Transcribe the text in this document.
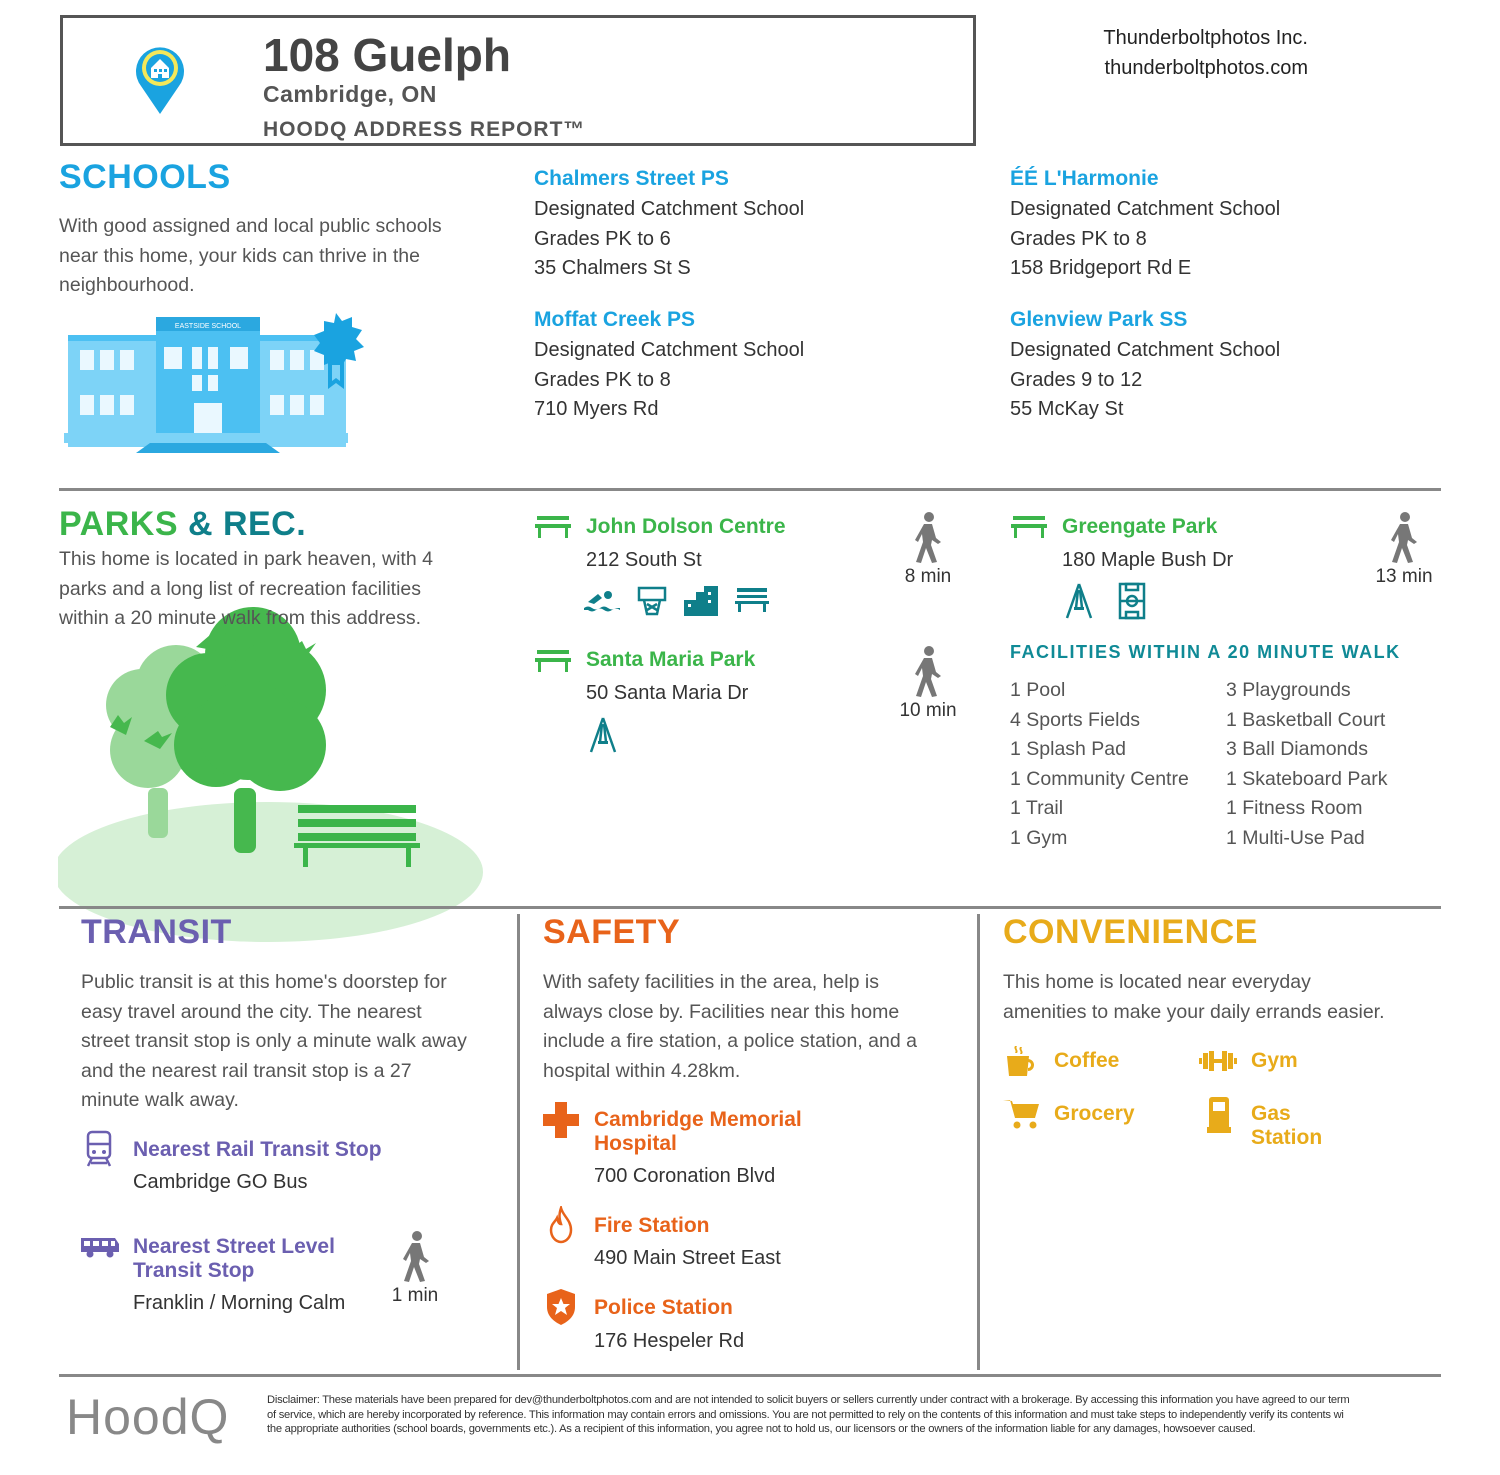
108 Guelph
Cambridge, ON
HOODQ ADDRESS REPORT™
Thunderboltphotos Inc.
thunderboltphotos.com
SCHOOLS
With good assigned and local public schools
near this home, your kids can thrive in the
neighbourhood.
EASTSIDE SCHOOL
Chalmers Street PS
Designated Catchment School
Grades PK to 6
35 Chalmers St S
ÉÉ L'Harmonie
Designated Catchment School
Grades PK to 8
158 Bridgeport Rd E
Moffat Creek PS
Designated Catchment School
Grades PK to 8
710 Myers Rd
Glenview Park SS
Designated Catchment School
Grades 9 to 12
55 McKay St
PARKS & REC.
This home is located in park heaven, with 4
parks and a long list of recreation facilities
within a 20 minute walk from this address.
John Dolson Centre
212 South St
8 min
Greengate Park
180 Maple Bush Dr
13 min
Santa Maria Park
50 Santa Maria Dr
10 min
FACILITIES WITHIN A 20 MINUTE WALK
1 Pool
4 Sports Fields
1 Splash Pad
1 Community Centre
1 Trail
1 Gym
3 Playgrounds
1 Basketball Court
3 Ball Diamonds
1 Skateboard Park
1 Fitness Room
1 Multi-Use Pad
TRANSIT
Public transit is at this home's doorstep for
easy travel around the city. The nearest
street transit stop is only a minute walk away
and the nearest rail transit stop is a 27
minute walk away.
Nearest Rail Transit Stop
Cambridge GO Bus
Nearest Street Level
Transit Stop
Franklin / Morning Calm	1 min
SAFETY
With safety facilities in the area, help is
always close by. Facilities near this home
include a fire station, a police station, and a
hospital within 4.28km.
Cambridge Memorial
Hospital
700 Coronation Blvd
Fire Station
490 Main Street East
Police Station
176 Hespeler Rd
CONVENIENCE
This home is located near everyday
amenities to make your daily errands easier.
Coffee	Gym
Grocery	Gas
Station
HoodQ	Disclaimer: These materials have been prepared for dev@thunderboltphotos.com and are not intended to solicit buyers or sellers currently under contract with a brokerage. By accessing this information you have agreed to our term
of service, which are hereby incorporated by reference. This information may contain errors and omissions. You are not permitted to rely on the contents of this information and must take steps to independently verify its contents wi
the appropriate authorities (school boards, governments etc.). As a recipient of this information, you agree not to hold us, our licensors or the owners of the information liable for any damages, howsoever caused.
